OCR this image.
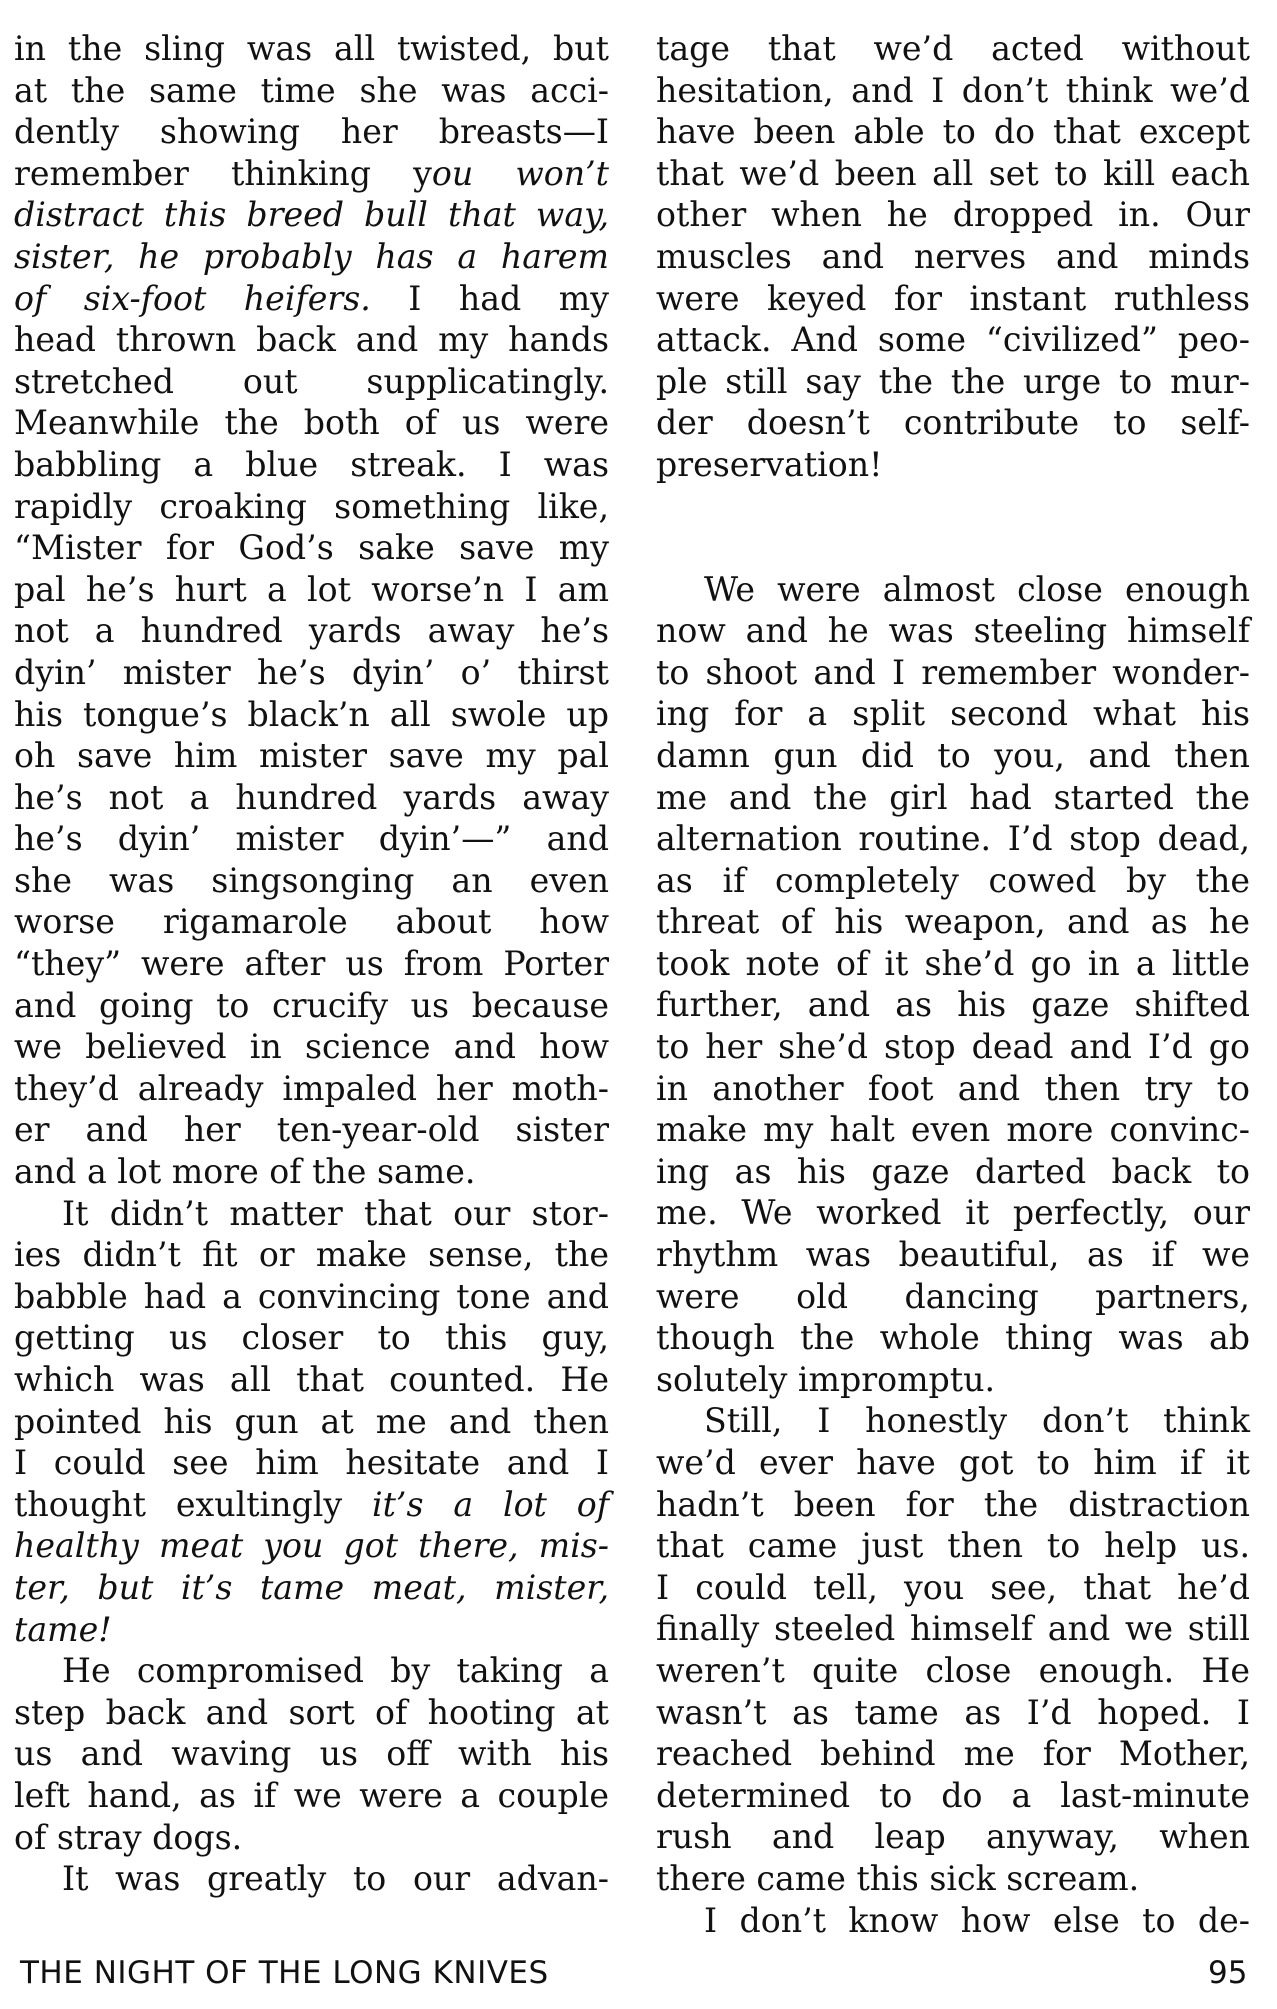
in the sling was all twisted, but
at the same time she was acci-
dently showing her breasts—I
remember thinking you won’t
distract this breed bull that way,
sister, he probably has a harem
of six-foot heifers. I had my
head thrown back and my hands
stretched out supplicatingly.
Meanwhile the both of us were
babbling a blue streak. I was
rapidly croaking something like,
“Mister for God’s sake save my
pal he’s hurt a lot worse’n I am
not a hundred yards away he’s
dyin’ mister he’s dyin’ o’ thirst
his tongue’s black’n all swole up
oh save him mister save my pal
he’s not a hundred yards away
he’s dyin’ mister dyin’—” and
she was singsonging an even
worse rigamarole about how
“they” were after us from Porter
and going to crucify us because
we believed in science and how
they’d already impaled her moth-
er and her ten-year-old sister
and a lot more of the same.
It didn’t matter that our stor-
ies didn’t fit or make sense, the
babble had a convincing tone and
getting us closer to this guy,
which was all that counted. He
pointed his gun at me and then
I could see him hesitate and I
thought exultingly it’s a lot of
healthy meat you got there, mis-
ter, but it’s tame meat, mister,
tame!
He compromised by taking a
step back and sort of hooting at
us and waving us off with his
left hand, as if we were a couple
of stray dogs.
It was greatly to our advan-
tage that we’d acted without
hesitation, and I don’t think we’d
have been able to do that except
that we’d been all set to kill each
other when he dropped in. Our
muscles and nerves and minds
were keyed for instant ruthless
attack. And some “civilized” peo-
ple still say the the urge to mur-
der doesn’t contribute to self-
preservation!
We were almost close enough
now and he was steeling himself
to shoot and I remember wonder-
ing for a split second what his
damn gun did to you, and then
me and the girl had started the
alternation routine. I’d stop dead,
as if completely cowed by the
threat of his weapon, and as he
took note of it she’d go in a little
further, and as his gaze shifted
to her she’d stop dead and I’d go
in another foot and then try to
make my halt even more convinc-
ing as his gaze darted back to
me. We worked it perfectly, our
rhythm was beautiful, as if we
were old dancing partners,
though the whole thing was ab
solutely impromptu.
Still, I honestly don’t think
we’d ever have got to him if it
hadn’t been for the distraction
that came just then to help us.
I could tell, you see, that he’d
finally steeled himself and we still
weren’t quite close enough. He
wasn’t as tame as I’d hoped. I
reached behind me for Mother,
determined to do a last-minute
rush and leap anyway, when
there came this sick scream.
I don’t know how else to de-
THE NIGHT OF THE LONG KNIVES	95
